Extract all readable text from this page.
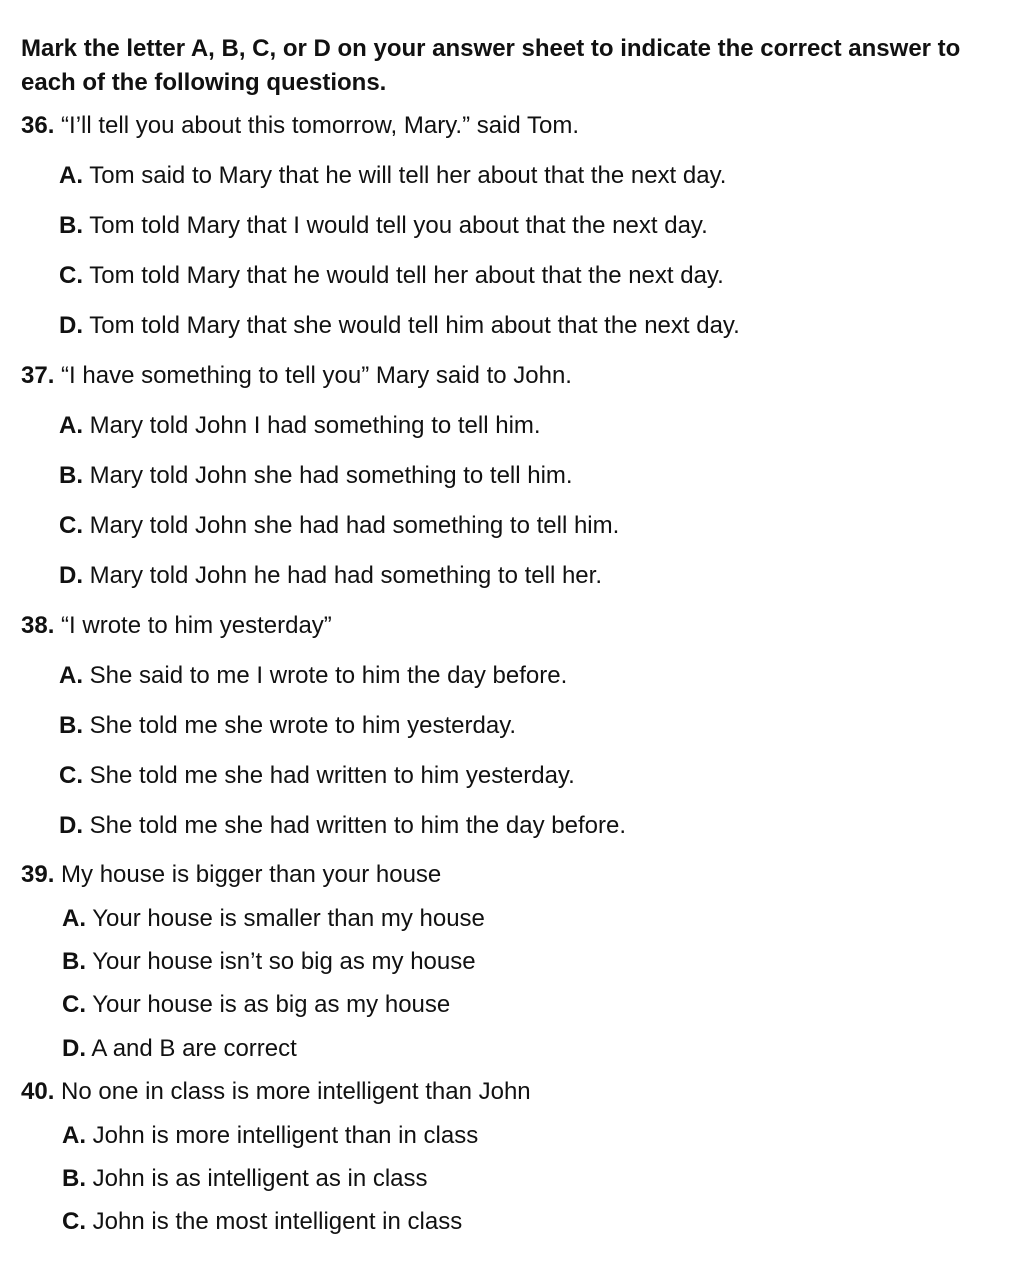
Mark the letter A, B, C, or D on your answer sheet to indicate the correct answer to each of the following questions.
36. “I’ll tell you about this tomorrow, Mary.” said Tom.
A. Tom said to Mary that he will tell her about that the next day.
B. Tom told Mary that I would tell you about that the next day.
C. Tom told Mary that he would tell her about that the next day.
D. Tom told Mary that she would tell him about that the next day.
37. “I have something to tell you” Mary said to John.
A. Mary told John I had something to tell him.
B. Mary told John she had something to tell him.
C. Mary told John she had had something to tell him.
D. Mary told John he had had something to tell her.
38. “I wrote to him yesterday”
A. She said to me I wrote to him the day before.
B. She told me she wrote to him yesterday.
C. She told me she had written to him yesterday.
D. She told me she had written to him the day before.
39. My house is bigger than your house
A. Your house is smaller than my house
B. Your house isn’t so big as my house
C. Your house is as big as my house
D. A and B are correct
40. No one in class is more intelligent than John
A. John is more intelligent than in class
B. John is as intelligent as in class
C. John is the most intelligent in class
